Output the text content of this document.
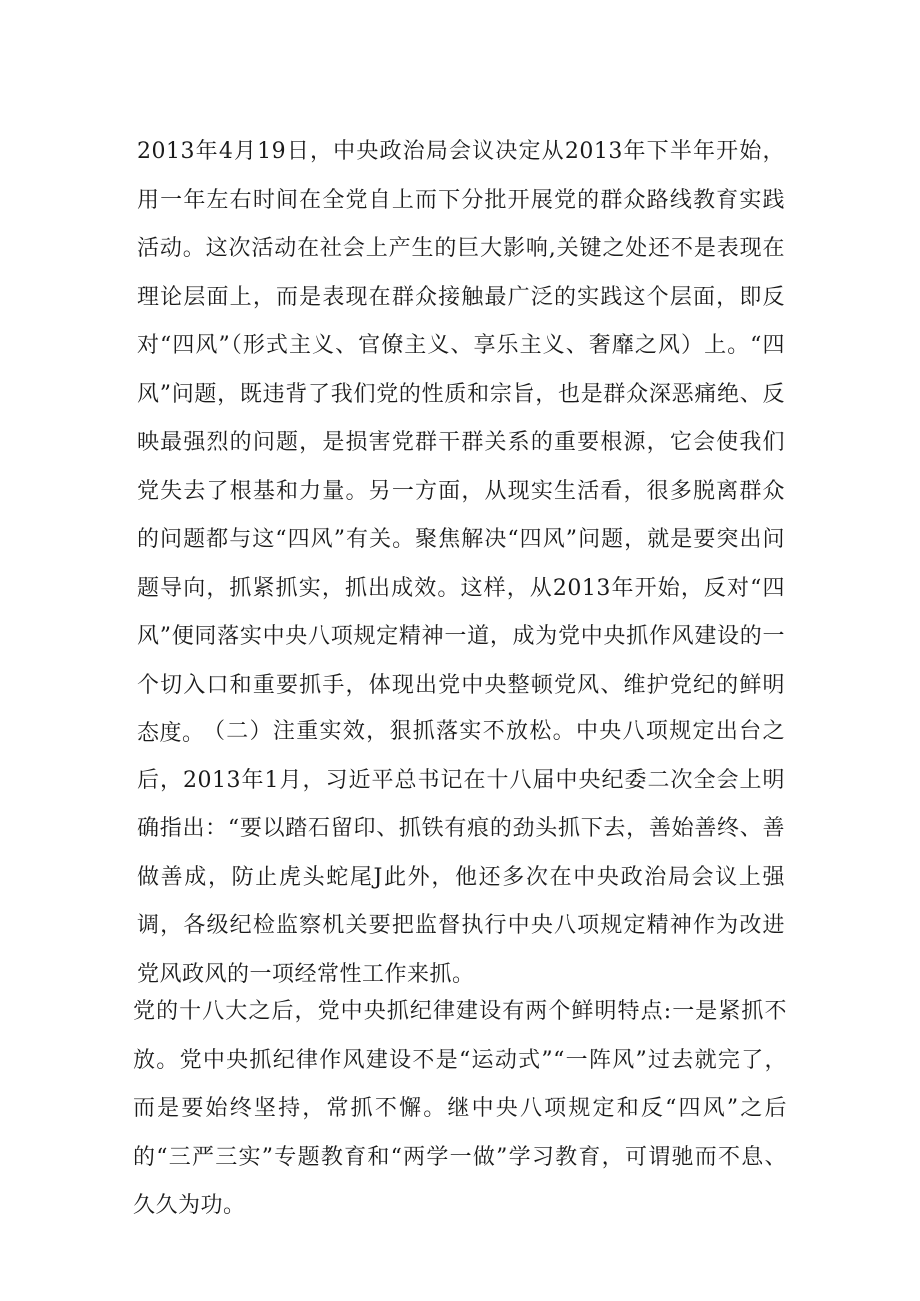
2013年4月19日，中央政治局会议决定从2013年下半年开始，用一年左右时间在全党自上而下分批开展党的群众路线教育实践活动。这次活动在社会上产生的巨大影响,关键之处还不是表现在理论层面上，而是表现在群众接触最广泛的实践这个层面，即反对“四风”（形式主义、官僚主义、享乐主义、奢靡之风）上。“四风”问题，既违背了我们党的性质和宗旨，也是群众深恶痛绝、反映最强烈的问题，是损害党群干群关系的重要根源，它会使我们党失去了根基和力量。另一方面，从现实生活看，很多脱离群众的问题都与这“四风”有关。聚焦解决“四风”问题，就是要突出问题导向，抓紧抓实，抓出成效。这样，从2013年开始，反对“四风”便同落实中央八项规定精神一道，成为党中央抓作风建设的一个切入口和重要抓手，体现出党中央整顿党风、维护党纪的鲜明态度。

（二）注重实效，狠抓落实不放松。中央八项规定出台之后，2013年1月，习近平总书记在十八届中央纪委二次全会上明确指出：“要以踏石留印、抓铁有痕的劲头抓下去，善始善终、善做善成，防止虎头蛇尾J此外，他还多次在中央政治局会议上强调，各级纪检监察机关要把监督执行中央八项规定精神作为改进党风政风的一项经常性工作来抓。

党的十八大之后，党中央抓纪律建设有两个鲜明特点:一是紧抓不放。党中央抓纪律作风建设不是“运动式”“一阵风”过去就完了，而是要始终坚持，常抓不懈。继中央八项规定和反“四风”之后的“三严三实”专题教育和“两学一做”学习教育，可谓驰而不息、久久为功。
